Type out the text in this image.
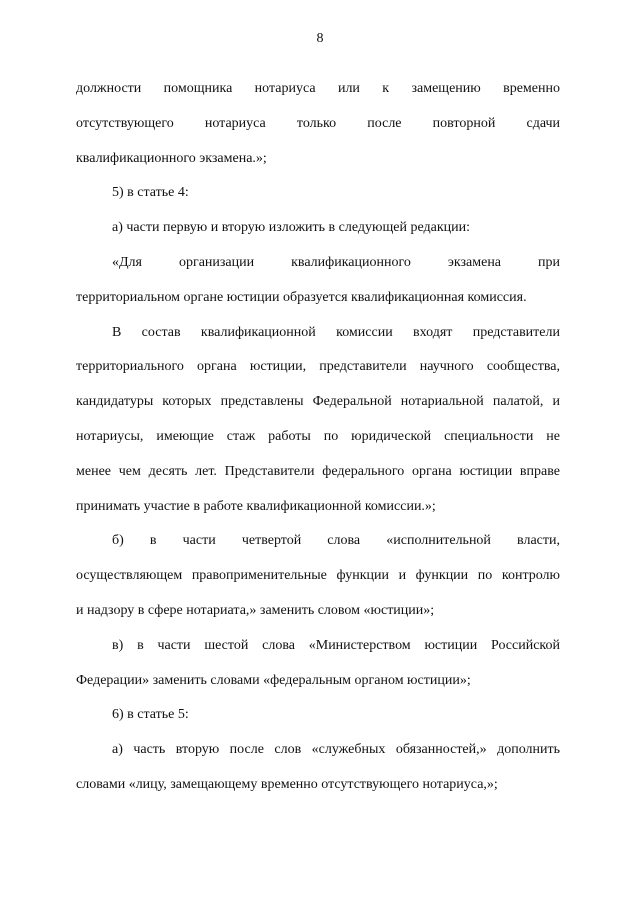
8
должности помощника нотариуса или к замещению временно
отсутствующего нотариуса только после повторной сдачи
квалификационного экзамена.»;
5) в статье 4:
а) части первую и вторую изложить в следующей редакции:
«Для организации квалификационного экзамена при
территориальном органе юстиции образуется квалификационная комиссия.
В состав квалификационной комиссии входят представители
территориального органа юстиции, представители научного сообщества,
кандидатуры которых представлены Федеральной нотариальной палатой, и
нотариусы, имеющие стаж работы по юридической специальности не
менее чем десять лет. Представители федерального органа юстиции вправе
принимать участие в работе квалификационной комиссии.»;
б) в части четвертой слова «исполнительной власти,
осуществляющем правоприменительные функции и функции по контролю
и надзору в сфере нотариата,» заменить словом «юстиции»;
в) в части шестой слова «Министерством юстиции Российской
Федерации» заменить словами «федеральным органом юстиции»;
6) в статье 5:
а) часть вторую после слов «служебных обязанностей,» дополнить
словами «лицу, замещающему временно отсутствующего нотариуса,»;
